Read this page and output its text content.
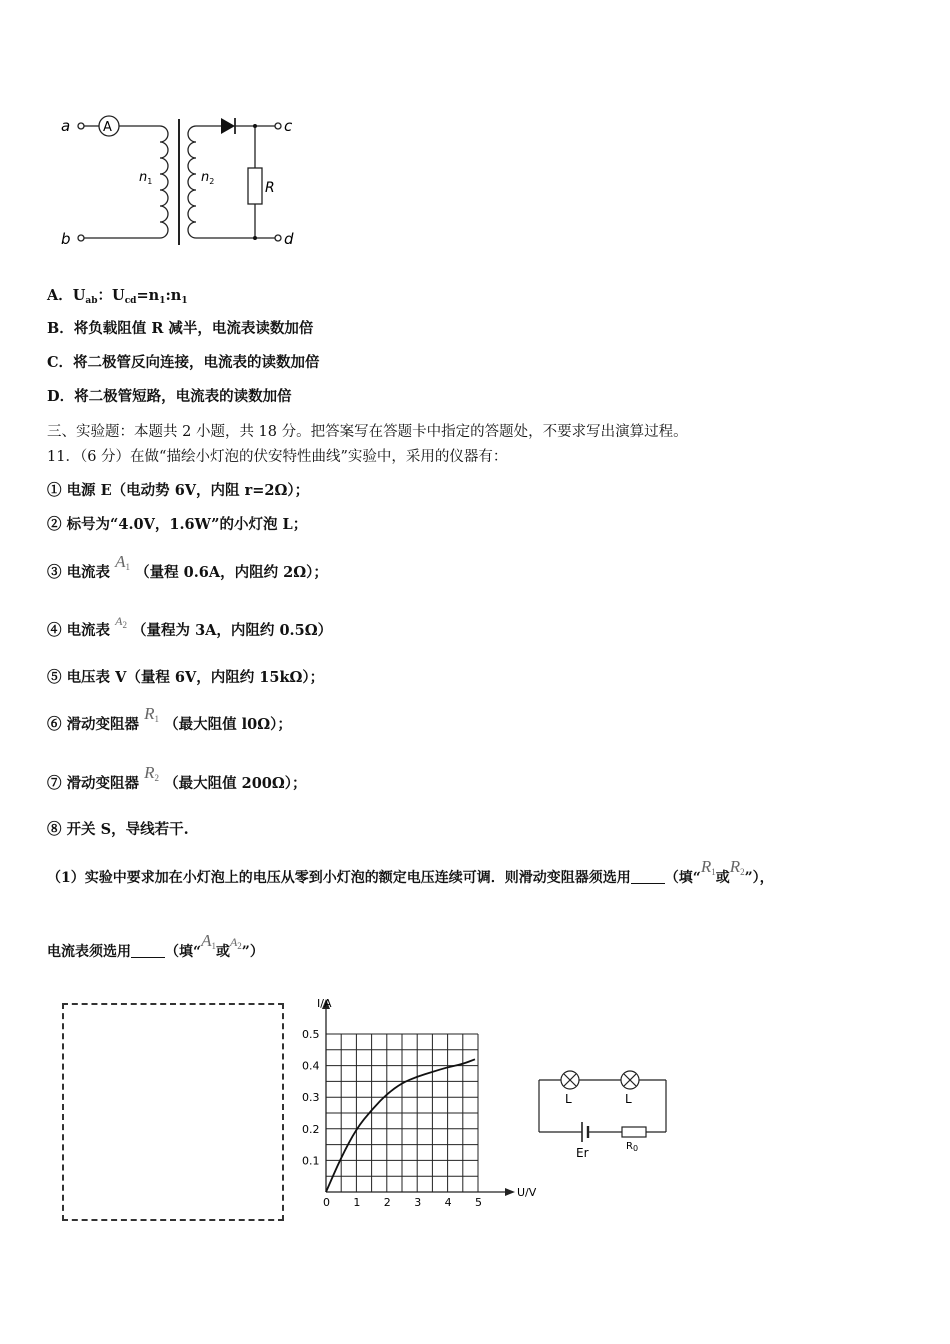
a
b
c
d
A
$n_1$	$n_2$	R
A．$U_{ab}$：$U_{cd}=n_1:n_1$
B．将负载阻值 R 减半，电流表读数加倍
C．将二极管反向连接，电流表的读数加倍
D．将二极管短路，电流表的读数加倍
三、实验题：本题共 2 小题，共 18 分。把答案写在答题卡中指定的答题处，不要求写出演算过程。
11．（6 分）在做“描绘小灯泡的伏安特性曲线”实验中，采用的仪器有：
① 电源 E（电动势 6V，内阻 r=2Ω）；
② 标号为“4.0V，1.6W”的小灯泡 L；
③ 电流表 A1 （量程 0.6A，内阻约 2Ω）；
④ 电流表 $^{A_2}$ （量程为 3A，内阻约 0.5Ω）
⑤ 电压表 V（量程 6V，内阻约 15kΩ）；
⑥ 滑动变阻器 R1 （最大阻值 l0Ω）；
⑦ 滑动变阻器 R2 （最大阻值 200Ω）；
⑧ 开关 S，导线若干.
（1）实验中要求加在小灯泡上的电压从零到小灯泡的额定电压连续可调．则滑动变阻器须选用 （填“R1或R2”），
电流表须选用 （填“A1或$A_2$”）
I/A
U/V
0.1
0.2
0.3
0.4
0.5
0 1 2 3 4 5
L	L
Er	$R_0$
